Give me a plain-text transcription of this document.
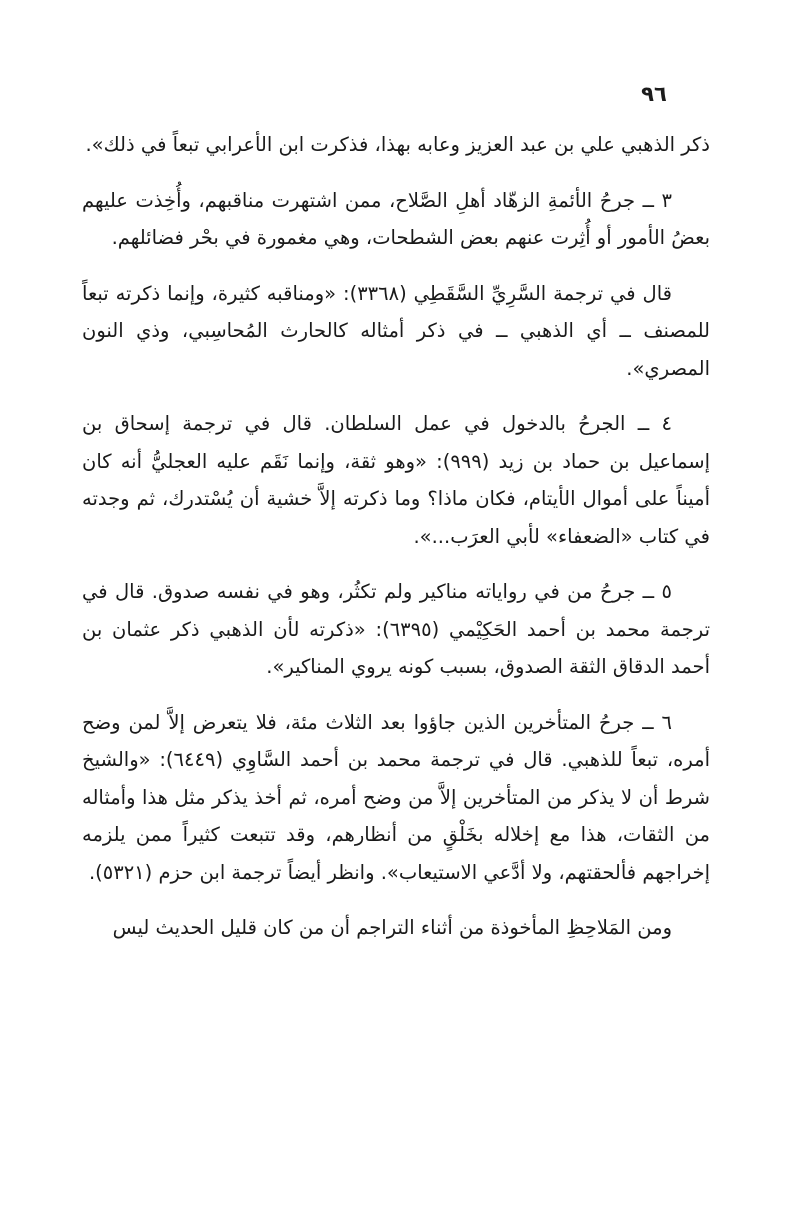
٩٦

ذكر الذهبي علي بن عبد العزيز وعابه بهذا، فذكرت ابن الأعرابي تبعاً في ذلك».

٣ ــ جرحُ الأئمةِ الزهّاد أهلِ الصَّلاح، ممن اشتهرت مناقبهم، وأُخِذت عليهم بعضُ الأمور أو أُثِرت عنهم بعض الشطحات، وهي مغمورة في بحْر فضائلهم.

قال في ترجمة السَّرِيِّ السَّقَطِي (٣٣٦٨): «ومناقبه كثيرة، وإنما ذكرته تبعاً للمصنف ــ أي الذهبي ــ في ذكر أمثاله كالحارث المُحاسِبي، وذي النون المصري».

٤ ــ الجرحُ بالدخول في عمل السلطان. قال في ترجمة إسحاق بن إسماعيل بن حماد بن زيد (٩٩٩): «وهو ثقة، وإنما نَقَم عليه العجليُّ أنه كان أميناً على أموال الأيتام، فكان ماذا؟ وما ذكرته إلاَّ خشية أن يُسْتدرك، ثم وجدته في كتاب «الضعفاء» لأبي العرَب...».

٥ ــ جرحُ من في رواياته مناكير ولم تكثُر، وهو في نفسه صدوق. قال في ترجمة محمد بن أحمد الحَكِيْمي (٦٣٩٥): «ذكرته لأن الذهبي ذكر عثمان بن أحمد الدقاق الثقة الصدوق، بسبب كونه يروي المناكير».

٦ ــ جرحُ المتأخرين الذين جاؤوا بعد الثلاث مئة، فلا يتعرض إلاَّ لمن وضح أمره، تبعاً للذهبي. قال في ترجمة محمد بن أحمد السَّاوِي (٦٤٤٩): «والشيخ شرط أن لا يذكر من المتأخرين إلاَّ من وضح أمره، ثم أخذ يذكر مثل هذا وأمثاله من الثقات، هذا مع إخلاله بخَلْقٍ من أنظارهم، وقد تتبعت كثيراً ممن يلزمه إخراجهم فألحقتهم، ولا أدَّعي الاستيعاب». وانظر أيضاً ترجمة ابن حزم (٥٣٢١).

ومن المَلاحِظِ المأخوذة من أثناء التراجم أن من كان قليل الحديث ليس
